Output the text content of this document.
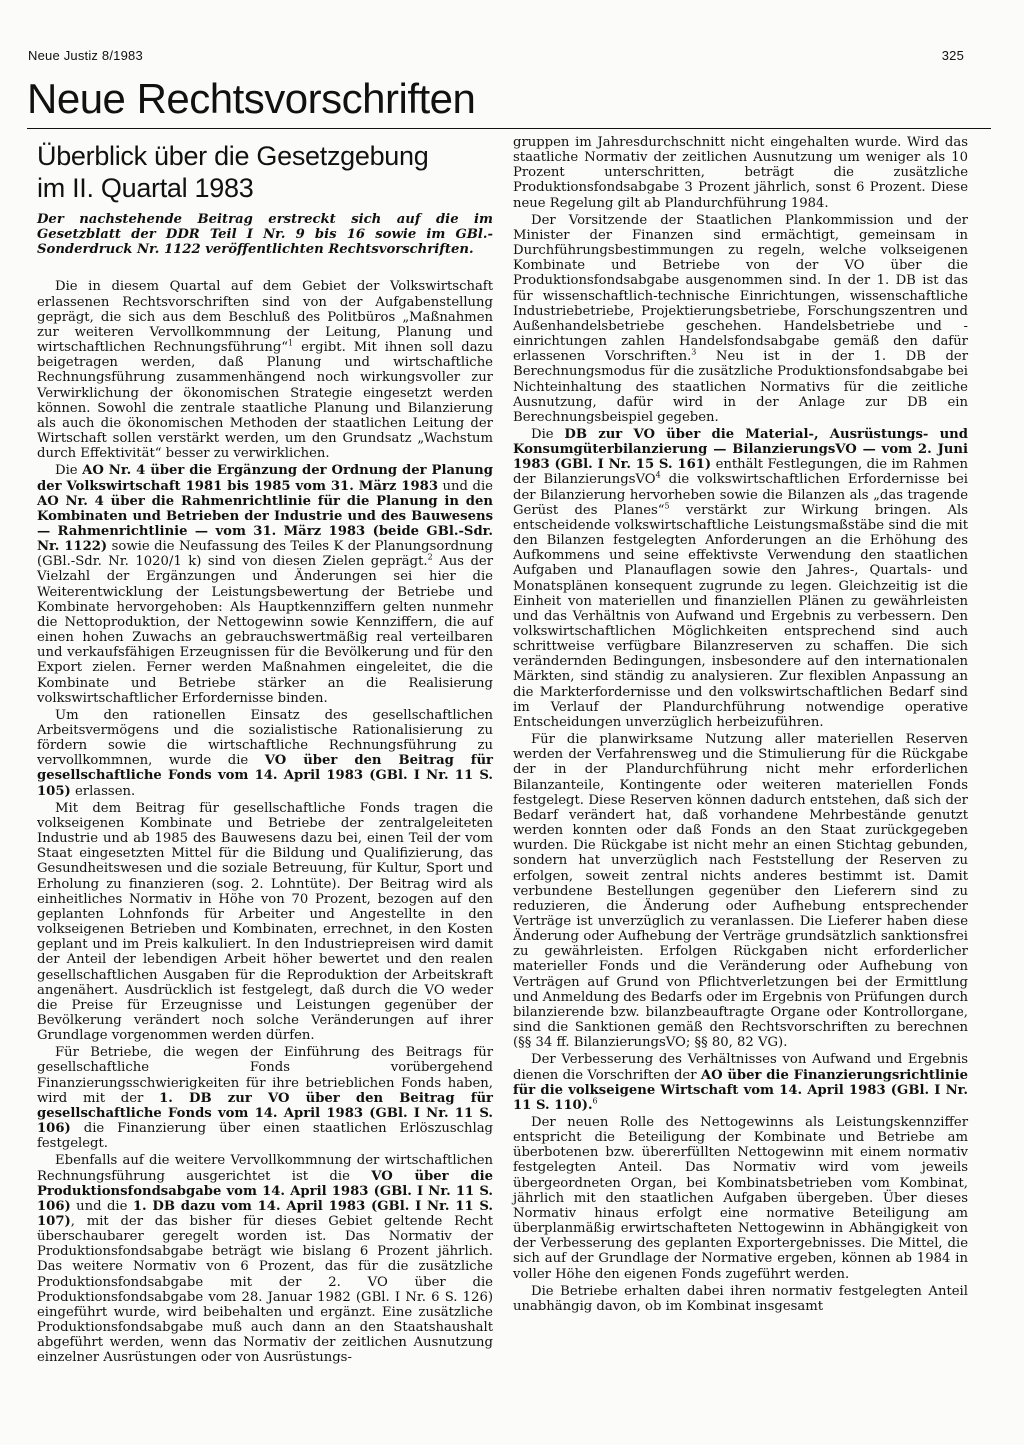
Neue Justiz 8/1983	325
Neue Rechtsvorschriften
Überblick über die Gesetzgebung
im II. Quartal 1983

Der nachstehende Beitrag erstreckt sich auf die im Gesetzblatt der DDR Teil I Nr. 9 bis 16 sowie im GBl.-Sonderdruck Nr. 1122 veröffentlichten Rechtsvorschriften.

Die in diesem Quartal auf dem Gebiet der Volkswirtschaft erlassenen Rechtsvorschriften sind von der Aufgabenstellung geprägt, die sich aus dem Beschluß des Politbüros „Maßnahmen zur weiteren Vervollkommnung der Leitung, Planung und wirtschaftlichen Rechnungsführung“$^1$ ergibt. Mit ihnen soll dazu beigetragen werden, daß Planung und wirtschaftliche Rechnungsführung zusammenhängend noch wirkungsvoller zur Verwirklichung der ökonomischen Strategie eingesetzt werden können. Sowohl die zentrale staatliche Planung und Bilanzierung als auch die ökonomischen Methoden der staatlichen Leitung der Wirtschaft sollen verstärkt werden, um den Grundsatz „Wachstum durch Effektivität“ besser zu verwirklichen.

Die AO Nr. 4 über die Ergänzung der Ordnung der Planung der Volkswirtschaft 1981 bis 1985 vom 31. März 1983 und die AO Nr. 4 über die Rahmenrichtlinie für die Planung in den Kombinaten und Betrieben der Industrie und des Bauwesens — Rahmenrichtlinie — vom 31. März 1983 (beide GBl.-Sdr. Nr. 1122) sowie die Neufassung des Teiles K der Planungsordnung (GBl.-Sdr. Nr. 1020/1 k) sind von diesen Zielen geprägt.$^2$ Aus der Vielzahl der Ergänzungen und Änderungen sei hier die Weiterentwicklung der Leistungsbewertung der Betriebe und Kombinate hervorgehoben: Als Hauptkennziffern gelten nunmehr die Nettoproduktion, der Nettogewinn sowie Kennziffern, die auf einen hohen Zuwachs an gebrauchswertmäßig real verteilbaren und verkaufsfähigen Erzeugnissen für die Bevölkerung und für den Export zielen. Ferner werden Maßnahmen eingeleitet, die die Kombinate und Betriebe stärker an die Realisierung volkswirtschaftlicher Erfordernisse binden.

Um den rationellen Einsatz des gesellschaftlichen Arbeitsvermögens und die sozialistische Rationalisierung zu fördern sowie die wirtschaftliche Rechnungsführung zu vervollkommnen, wurde die VO über den Beitrag für gesellschaftliche Fonds vom 14. April 1983 (GBl. I Nr. 11 S. 105) erlassen.

Mit dem Beitrag für gesellschaftliche Fonds tragen die volkseigenen Kombinate und Betriebe der zentralgeleiteten Industrie und ab 1985 des Bauwesens dazu bei, einen Teil der vom Staat eingesetzten Mittel für die Bildung und Qualifizierung, das Gesundheitswesen und die soziale Betreuung, für Kultur, Sport und Erholung zu finanzieren (sog. 2. Lohntüte). Der Beitrag wird als einheitliches Normativ in Höhe von 70 Prozent, bezogen auf den geplanten Lohnfonds für Arbeiter und Angestellte in den volkseigenen Betrieben und Kombinaten, errechnet, in den Kosten geplant und im Preis kalkuliert. In den Industriepreisen wird damit der Anteil der lebendigen Arbeit höher bewertet und den realen gesellschaftlichen Ausgaben für die Reproduktion der Arbeitskraft angenähert. Ausdrücklich ist festgelegt, daß durch die VO weder die Preise für Erzeugnisse und Leistungen gegenüber der Bevölkerung verändert noch solche Veränderungen auf ihrer Grundlage vorgenommen werden dürfen.

Für Betriebe, die wegen der Einführung des Beitrags für gesellschaftliche Fonds vorübergehend Finanzierungsschwierigkeiten für ihre betrieblichen Fonds haben, wird mit der 1. DB zur VO über den Beitrag für gesellschaftliche Fonds vom 14. April 1983 (GBl. I Nr. 11 S. 106) die Finanzierung über einen staatlichen Erlöszuschlag festgelegt.

Ebenfalls auf die weitere Vervollkommnung der wirtschaftlichen Rechnungsführung ausgerichtet ist die VO über die Produktionsfondsabgabe vom 14. April 1983 (GBl. I Nr. 11 S. 106) und die 1. DB dazu vom 14. April 1983 (GBl. I Nr. 11 S. 107), mit der das bisher für dieses Gebiet geltende Recht überschaubarer geregelt worden ist. Das Normativ der Produktionsfondsabgabe beträgt wie bislang 6 Prozent jährlich. Das weitere Normativ von 6 Prozent, das für die zusätzliche Produktionsfondsabgabe mit der 2. VO über die Produktionsfondsabgabe vom 28. Januar 1982 (GBl. I Nr. 6 S. 126) eingeführt wurde, wird beibehalten und ergänzt. Eine zusätzliche Produktionsfondsabgabe muß auch dann an den Staatshaushalt abgeführt werden, wenn das Normativ der zeitlichen Ausnutzung einzelner Ausrüstungen oder von Ausrüstungs-

gruppen im Jahresdurchschnitt nicht eingehalten wurde. Wird das staatliche Normativ der zeitlichen Ausnutzung um weniger als 10 Prozent unterschritten, beträgt die zusätzliche Produktionsfondsabgabe 3 Prozent jährlich, sonst 6 Prozent. Diese neue Regelung gilt ab Plandurchführung 1984.

Der Vorsitzende der Staatlichen Plankommission und der Minister der Finanzen sind ermächtigt, gemeinsam in Durchführungsbestimmungen zu regeln, welche volkseigenen Kombinate und Betriebe von der VO über die Produktionsfondsabgabe ausgenommen sind. In der 1. DB ist das für wissenschaftlich-technische Einrichtungen, wissenschaftliche Industriebetriebe, Projektierungsbetriebe, Forschungszentren und Außenhandelsbetriebe geschehen. Handelsbetriebe und -einrichtungen zahlen Handelsfondsabgabe gemäß den dafür erlassenen Vorschriften.$^3$ Neu ist in der 1. DB der Berechnungsmodus für die zusätzliche Produktionsfondsabgabe bei Nichteinhaltung des staatlichen Normativs für die zeitliche Ausnutzung, dafür wird in der Anlage zur DB ein Berechnungsbeispiel gegeben.

Die DB zur VO über die Material-, Ausrüstungs- und Konsumgüterbilanzierung — BilanzierungsVO — vom 2. Juni 1983 (GBl. I Nr. 15 S. 161) enthält Festlegungen, die im Rahmen der BilanzierungsVO$^4$ die volkswirtschaftlichen Erfordernisse bei der Bilanzierung hervorheben sowie die Bilanzen als „das tragende Gerüst des Planes“$^5$ verstärkt zur Wirkung bringen. Als entscheidende volkswirtschaftliche Leistungsmaßstäbe sind die mit den Bilanzen festgelegten Anforderungen an die Erhöhung des Aufkommens und seine effektivste Verwendung den staatlichen Aufgaben und Planauflagen sowie den Jahres-, Quartals- und Monatsplänen konsequent zugrunde zu legen. Gleichzeitig ist die Einheit von materiellen und finanziellen Plänen zu gewährleisten und das Verhältnis von Aufwand und Ergebnis zu verbessern. Den volkswirtschaftlichen Möglichkeiten entsprechend sind auch schrittweise verfügbare Bilanzreserven zu schaffen. Die sich verändernden Bedingungen, insbesondere auf den internationalen Märkten, sind ständig zu analysieren. Zur flexiblen Anpassung an die Markterfordernisse und den volkswirtschaftlichen Bedarf sind im Verlauf der Plandurchführung notwendige operative Entscheidungen unverzüglich herbeizuführen.

Für die planwirksame Nutzung aller materiellen Reserven werden der Verfahrensweg und die Stimulierung für die Rückgabe der in der Plandurchführung nicht mehr erforderlichen Bilanzanteile, Kontingente oder weiteren materiellen Fonds festgelegt. Diese Reserven können dadurch entstehen, daß sich der Bedarf verändert hat, daß vorhandene Mehrbestände genutzt werden konnten oder daß Fonds an den Staat zurückgegeben wurden. Die Rückgabe ist nicht mehr an einen Stichtag gebunden, sondern hat unverzüglich nach Feststellung der Reserven zu erfolgen, soweit zentral nichts anderes bestimmt ist. Damit verbundene Bestellungen gegenüber den Lieferern sind zu reduzieren, die Änderung oder Aufhebung entsprechender Verträge ist unverzüglich zu veranlassen. Die Lieferer haben diese Änderung oder Aufhebung der Verträge grundsätzlich sanktionsfrei zu gewährleisten. Erfolgen Rückgaben nicht erforderlicher materieller Fonds und die Veränderung oder Aufhebung von Verträgen auf Grund von Pflichtverletzungen bei der Ermittlung und Anmeldung des Bedarfs oder im Ergebnis von Prüfungen durch bilanzierende bzw. bilanzbeauftragte Organe oder Kontrollorgane, sind die Sanktionen gemäß den Rechtsvorschriften zu berechnen (§§ 34 ff. BilanzierungsVO; §§ 80, 82 VG).

Der Verbesserung des Verhältnisses von Aufwand und Ergebnis dienen die Vorschriften der AO über die Finanzierungsrichtlinie für die volkseigene Wirtschaft vom 14. April 1983 (GBl. I Nr. 11 S. 110).$^6$

Der neuen Rolle des Nettogewinns als Leistungskennziffer entspricht die Beteiligung der Kombinate und Betriebe am überbotenen bzw. übererfüllten Nettogewinn mit einem normativ festgelegten Anteil. Das Normativ wird vom jeweils übergeordneten Organ, bei Kombinatsbetrieben vom Kombinat, jährlich mit den staatlichen Aufgaben übergeben. Über dieses Normativ hinaus erfolgt eine normative Beteiligung am überplanmäßig erwirtschafteten Nettogewinn in Abhängigkeit von der Verbesserung des geplanten Exportergebnisses. Die Mittel, die sich auf der Grundlage der Normative ergeben, können ab 1984 in voller Höhe den eigenen Fonds zugeführt werden.

Die Betriebe erhalten dabei ihren normativ festgelegten Anteil unabhängig davon, ob im Kombinat insgesamt
